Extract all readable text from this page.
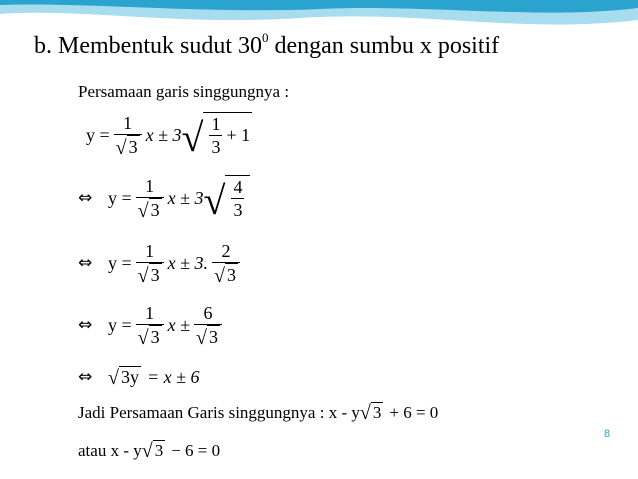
b. Membentuk sudut $30^0$ dengan sumbu x positif
Persamaan garis singgungnya :
$y = \frac{1}{√ 3}$ x ± 3 √ $\frac{1}{3} + 1$
⇔ $y = \frac{1}{√ 3}$ x ± 3 √ $\frac{4}{3}$
⇔ $y = \frac{1}{√ 3}$ x ± 3. $\frac{2}{√ 3}$
⇔ $y = \frac{1}{√ 3}$ $x \pm \frac{6}{√ 3}$
⇔ √ 3y = x ± 6
Jadi Persamaan Garis singgungnya : x - y √ 3 + 6 = 0
atau x - y √ 3 − 6 = 0
8
